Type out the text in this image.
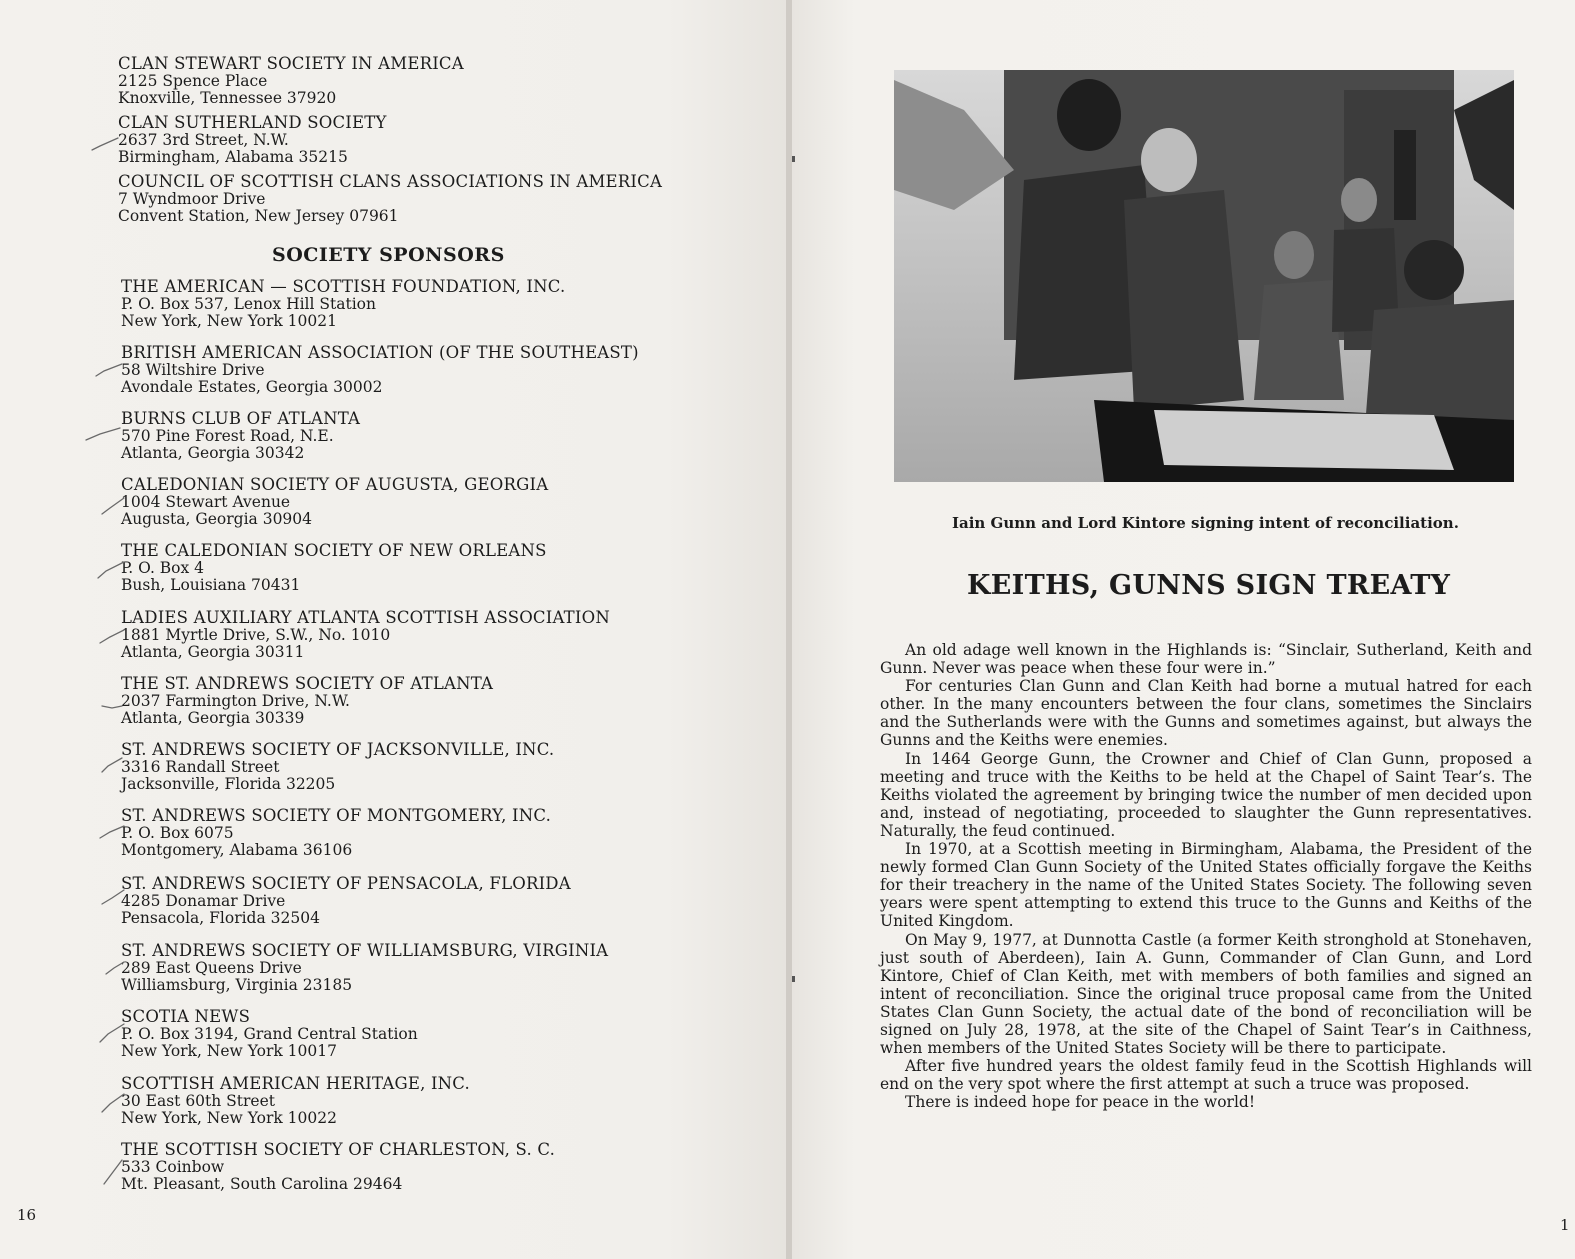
CLAN STEWART SOCIETY IN AMERICA
2125 Spence Place
Knoxville, Tennessee 37920
CLAN SUTHERLAND SOCIETY
2637 3rd Street, N.W.
Birmingham, Alabama 35215
COUNCIL OF SCOTTISH CLANS ASSOCIATIONS IN AMERICA
7 Wyndmoor Drive
Convent Station, New Jersey 07961
SOCIETY SPONSORS
THE AMERICAN — SCOTTISH FOUNDATION, INC.
P. O. Box 537, Lenox Hill Station
New York, New York 10021
BRITISH AMERICAN ASSOCIATION (OF THE SOUTHEAST)
58 Wiltshire Drive
Avondale Estates, Georgia 30002
BURNS CLUB OF ATLANTA
570 Pine Forest Road, N.E.
Atlanta, Georgia 30342
CALEDONIAN SOCIETY OF AUGUSTA, GEORGIA
1004 Stewart Avenue
Augusta, Georgia 30904
THE CALEDONIAN SOCIETY OF NEW ORLEANS
P. O. Box 4
Bush, Louisiana 70431
LADIES AUXILIARY ATLANTA SCOTTISH ASSOCIATION
1881 Myrtle Drive, S.W., No. 1010
Atlanta, Georgia 30311
THE ST. ANDREWS SOCIETY OF ATLANTA
2037 Farmington Drive, N.W.
Atlanta, Georgia 30339
ST. ANDREWS SOCIETY OF JACKSONVILLE, INC.
3316 Randall Street
Jacksonville, Florida 32205
ST. ANDREWS SOCIETY OF MONTGOMERY, INC.
P. O. Box 6075
Montgomery, Alabama 36106
ST. ANDREWS SOCIETY OF PENSACOLA, FLORIDA
4285 Donamar Drive
Pensacola, Florida 32504
ST. ANDREWS SOCIETY OF WILLIAMSBURG, VIRGINIA
289 East Queens Drive
Williamsburg, Virginia 23185
SCOTIA NEWS
P. O. Box 3194, Grand Central Station
New York, New York 10017
SCOTTISH AMERICAN HERITAGE, INC.
30 East 60th Street
New York, New York 10022
THE SCOTTISH SOCIETY OF CHARLESTON, S. C.
533 Coinbow
Mt. Pleasant, South Carolina 29464
16
Iain Gunn and Lord Kintore signing intent of reconciliation.
KEITHS, GUNNS SIGN TREATY

An old adage well known in the Highlands is: “Sinclair, Sutherland, Keith and Gunn. Never was peace when these four were in.”

For centuries Clan Gunn and Clan Keith had borne a mutual hatred for each other. In the many encounters between the four clans, sometimes the Sinclairs and the Sutherlands were with the Gunns and sometimes against, but always the Gunns and the Keiths were enemies.

In 1464 George Gunn, the Crowner and Chief of Clan Gunn, proposed a meeting and truce with the Keiths to be held at the Chapel of Saint Tear’s. The Keiths violated the agreement by bringing twice the number of men decided upon and, instead of negotiating, proceeded to slaughter the Gunn representatives. Naturally, the feud continued.

In 1970, at a Scottish meeting in Birmingham, Alabama, the President of the newly formed Clan Gunn Society of the United States officially forgave the Keiths for their treachery in the name of the United States Society. The following seven years were spent attempting to extend this truce to the Gunns and Keiths of the United Kingdom.

On May 9, 1977, at Dunnotta Castle (a former Keith stronghold at Stonehaven, just south of Aberdeen), Iain A. Gunn, Commander of Clan Gunn, and Lord Kintore, Chief of Clan Keith, met with members of both families and signed an intent of reconciliation. Since the original truce proposal came from the United States Clan Gunn Society, the actual date of the bond of reconciliation will be signed on July 28, 1978, at the site of the Chapel of Saint Tear’s in Caithness, when members of the United States Society will be there to participate.

After five hundred years the oldest family feud in the Scottish Highlands will end on the very spot where the first attempt at such a truce was proposed.

There is indeed hope for peace in the world!

1
